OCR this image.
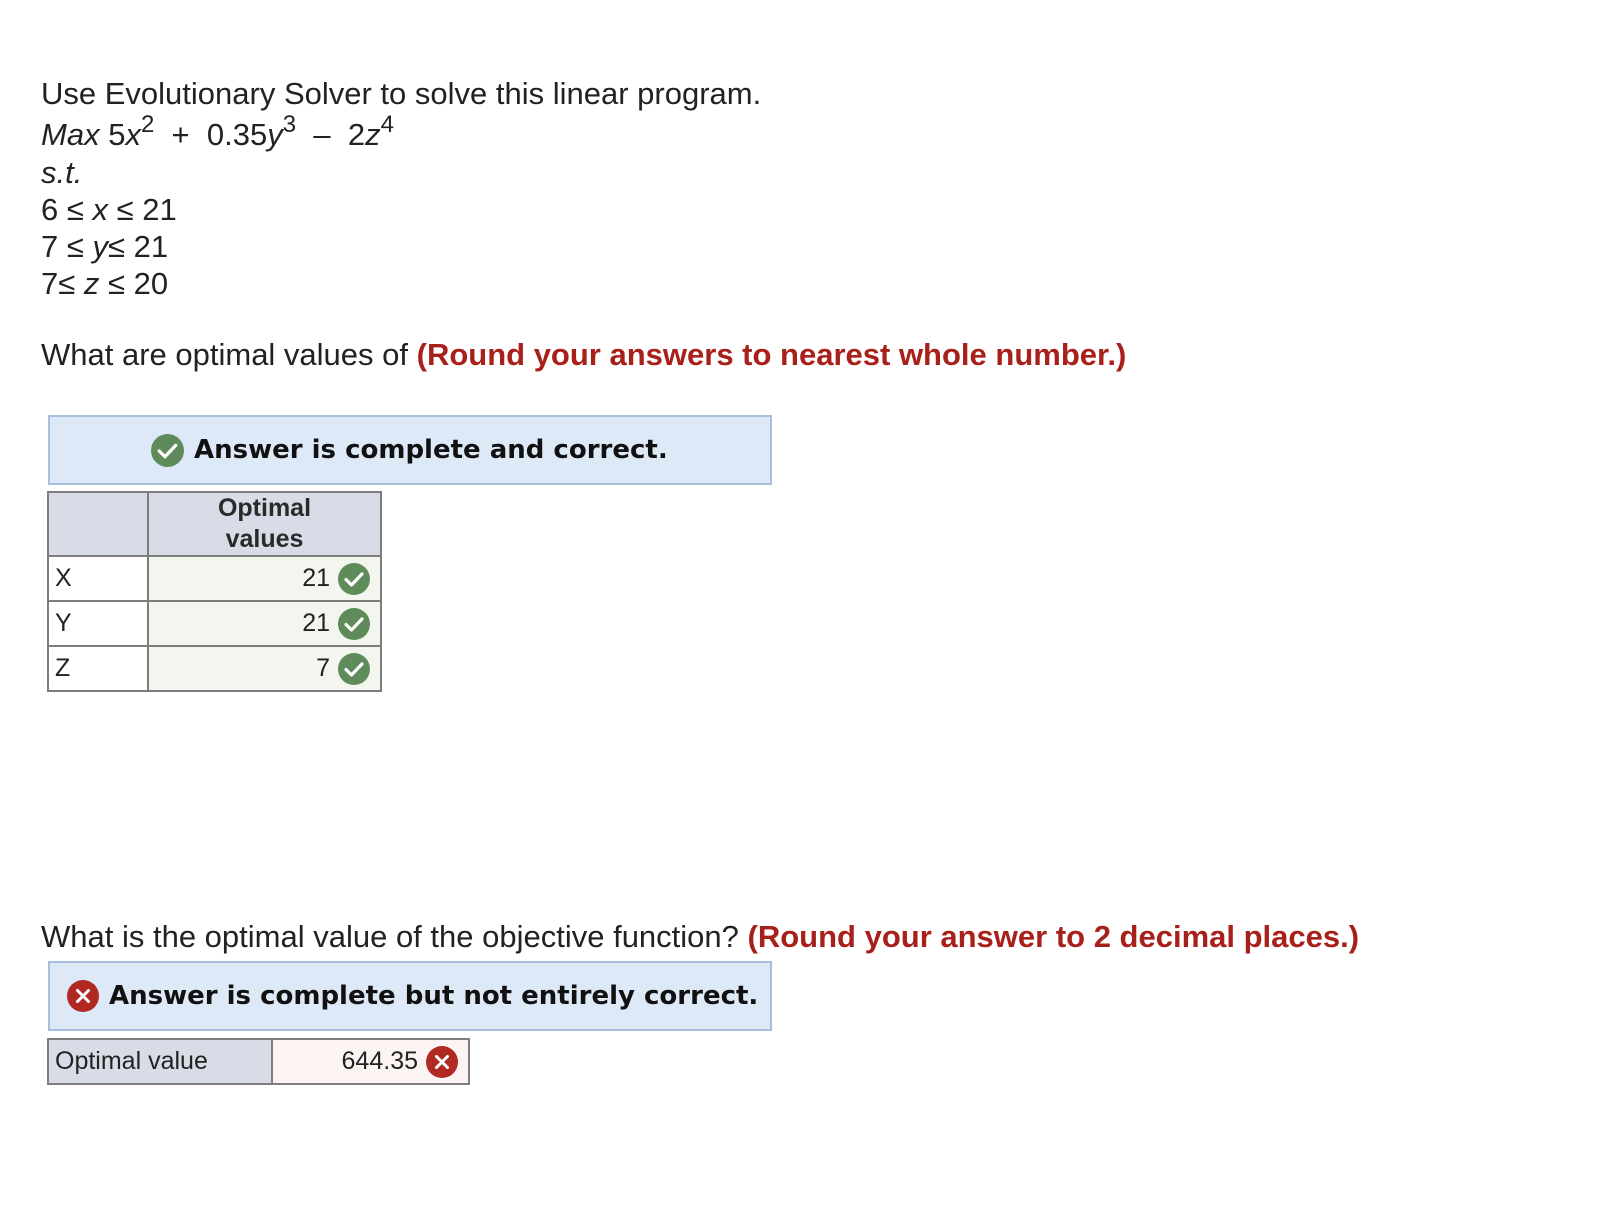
Use Evolutionary Solver to solve this linear program.
Max $5x^2 + 0.35y^3 - 2z^4$
s.t.
6 ≤ x ≤ 21
7 ≤ y≤ 21
7≤ z ≤ 20
What are optimal values of (Round your answers to nearest whole number.)
Answer is complete and correct.

	Optimal values

X	21

Y	21

Z	7
What is the optimal value of the objective function? (Round your answer to 2 decimal places.)
Answer is complete but not entirely correct.
Optimal value	644.35
